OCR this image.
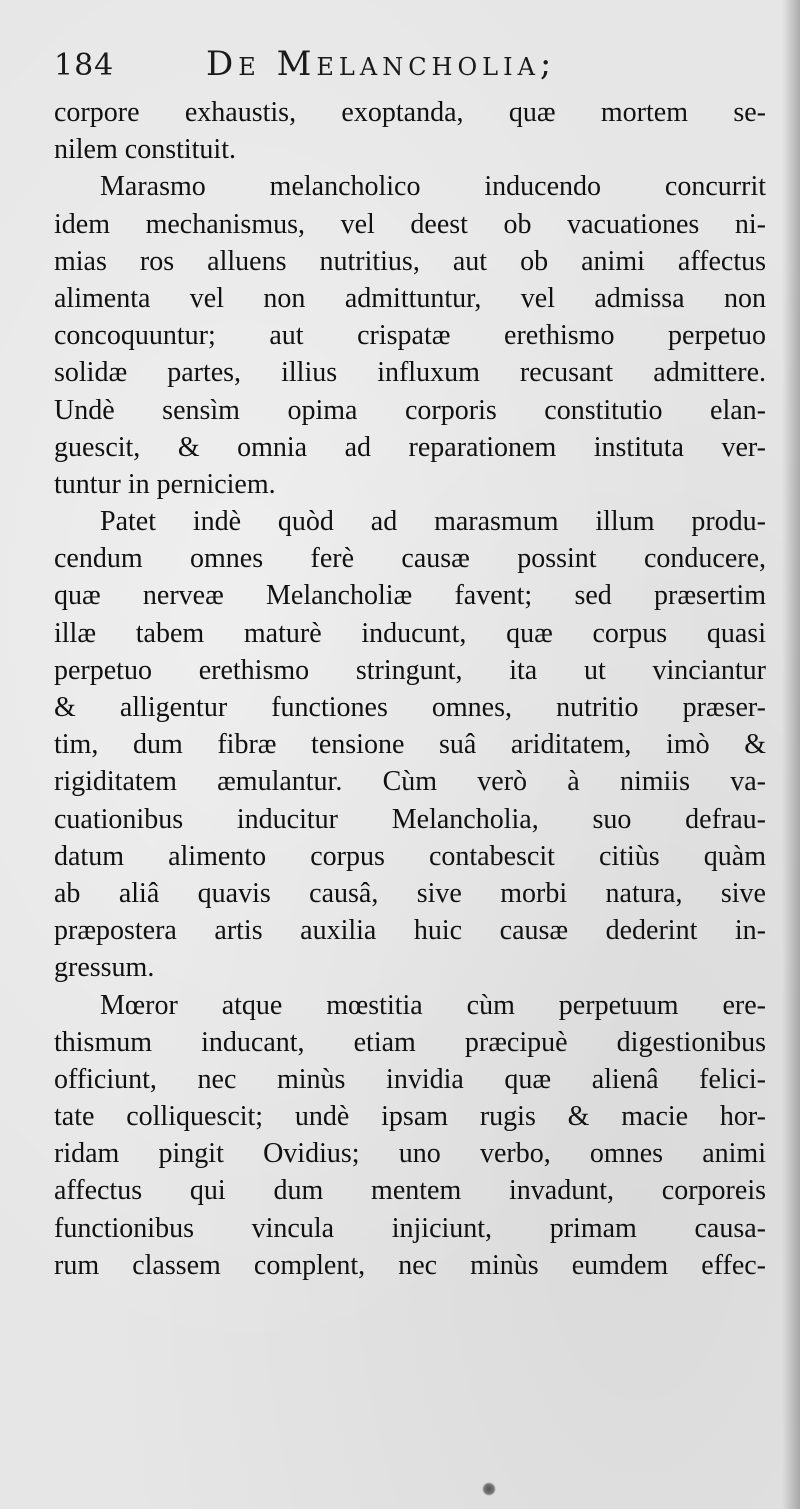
184	De Melancholia;
corpore exhaustis, exoptanda, quæ mortem se-
nilem constituit.
Marasmo melancholico inducendo concurrit
idem mechanismus, vel deest ob vacuationes ni-
mias ros alluens nutritius, aut ob animi affectus
alimenta vel non admittuntur, vel admissa non
concoquuntur; aut crispatæ erethismo perpetuo
solidæ partes, illius influxum recusant admittere.
Undè sensìm opima corporis constitutio elan-
guescit, & omnia ad reparationem instituta ver-
tuntur in perniciem.
Patet indè quòd ad marasmum illum produ-
cendum omnes ferè causæ possint conducere,
quæ nerveæ Melancholiæ favent; sed præsertim
illæ tabem maturè inducunt, quæ corpus quasi
perpetuo erethismo stringunt, ita ut vinciantur
& alligentur functiones omnes, nutritio præser-
tim, dum fibræ tensione suâ ariditatem, imò &
rigiditatem æmulantur. Cùm verò à nimiis va-
cuationibus inducitur Melancholia, suo defrau-
datum alimento corpus contabescit citiùs quàm
ab aliâ quavis causâ, sive morbi natura, sive
præpostera artis auxilia huic causæ dederint in-
gressum.
Mœror atque mœstitia cùm perpetuum ere-
thismum inducant, etiam præcipuè digestionibus
officiunt, nec minùs invidia quæ alienâ felici-
tate colliquescit; undè ipsam rugis & macie hor-
ridam pingit Ovidius; uno verbo, omnes animi
affectus qui dum mentem invadunt, corporeis
functionibus vincula injiciunt, primam causa-
rum classem complent, nec minùs eumdem effec-
